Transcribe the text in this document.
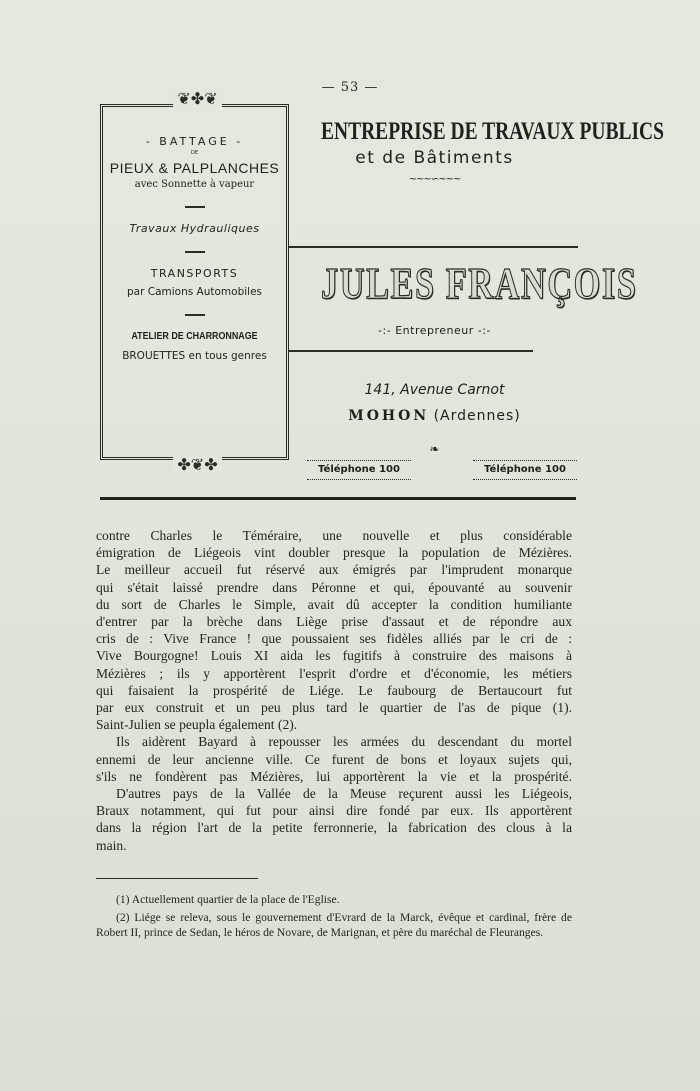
— 53 —
❦✤❦
- BATTAGE -
DE
PIEUX & PALPLANCHES
avec Sonnette à vapeur
Travaux Hydrauliques
TRANSPORTS
par Camions Automobiles
ATELIER DE CHARRONNAGE
BROUETTES en tous genres
✤❦✤
ENTREPRISE DE TRAVAUX PUBLICS
et de Bâtiments
~~~∽~~~
JULES FRANÇOIS
-:- Entrepreneur -:-
141, Avenue Carnot
MOHON (Ardennes)
❧
Téléphone 100	Téléphone 100
contre Charles le Téméraire, une nouvelle et plus considérable
émigration de Liégeois vint doubler presque la population de Mézières.
Le meilleur accueil fut réservé aux émigrés par l'imprudent monarque
qui s'était laissé prendre dans Péronne et qui, épouvanté au souvenir
du sort de Charles le Simple, avait dû accepter la condition humiliante
d'entrer par la brèche dans Liège prise d'assaut et de répondre aux
cris de : Vive France ! que poussaient ses fidèles alliés par le cri de :
Vive Bourgogne! Louis XI aida les fugitifs à construire des maisons à
Mézières ; ils y apportèrent l'esprit d'ordre et d'économie, les métiers
qui faisaient la prospérité de Liége. Le faubourg de Bertaucourt fut
par eux construit et un peu plus tard le quartier de l'as de pique (1).
Saint-Julien se peupla également (2).
Ils aidèrent Bayard à repousser les armées du descendant du mortel
ennemi de leur ancienne ville. Ce furent de bons et loyaux sujets qui,
s'ils ne fondèrent pas Mézières, lui apportèrent la vie et la prospérité.
D'autres pays de la Vallée de la Meuse reçurent aussi les Liégeois,
Braux notamment, qui fut pour ainsi dire fondé par eux. Ils apportèrent
dans la région l'art de la petite ferronnerie, la fabrication des clous à la
main.

(1) Actuellement quartier de la place de l'Eglise.

(2) Liége se releva, sous le gouvernement d'Evrard de la Marck, évêque et cardinal, frère de Robert II, prince de Sedan, le héros de Novare, de Marignan, et père du maréchal de Fleuranges.
